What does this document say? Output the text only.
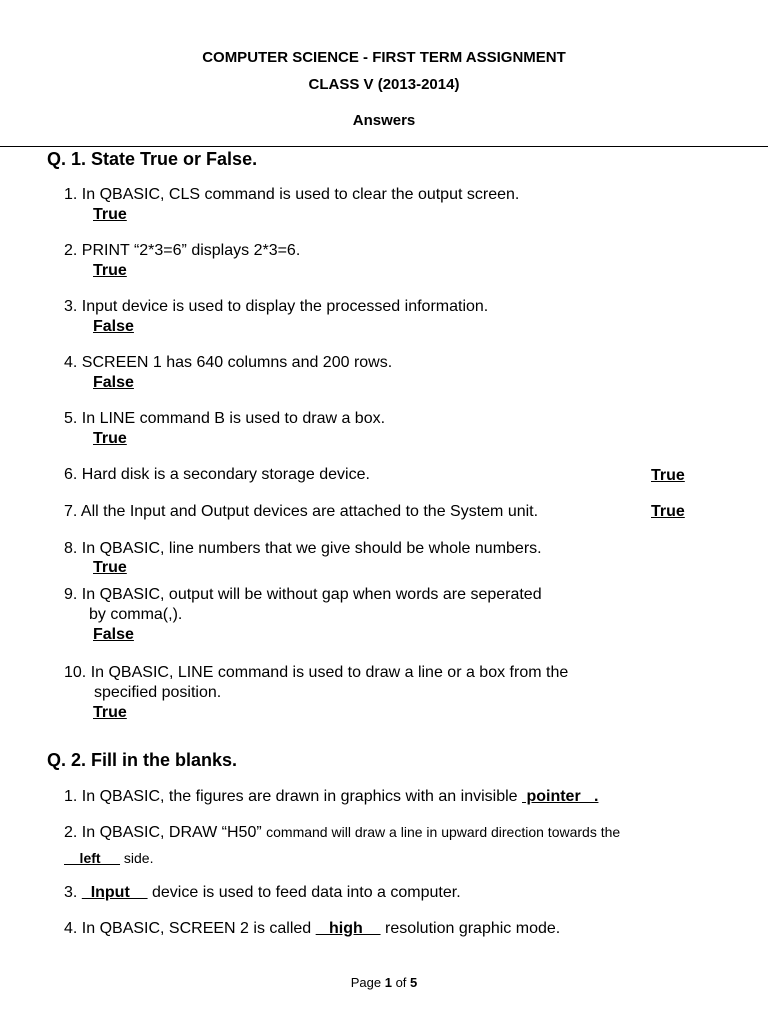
COMPUTER SCIENCE - FIRST TERM ASSIGNMENT
CLASS V (2013-2014)
Answers
Q. 1. State True or False.
1. In QBASIC, CLS command is used to clear the output screen.
True
2. PRINT “2*3=6” displays 2*3=6.
True
3. Input device is used to display the processed information.
False
4. SCREEN 1 has 640 columns and 200 rows.
False
5. In LINE command B is used to draw a box.
True
6. Hard disk is a secondary storage device.	True
7. All the Input and Output devices are attached to the System unit.	True
8. In QBASIC, line numbers that we give should be whole numbers.
True
9. In QBASIC, output will be without gap when words are seperated
by comma(,).
False
10. In QBASIC, LINE command is used to draw a line or a box from the
specified position.
True
Q. 2. Fill in the blanks.
1. In QBASIC, the figures are drawn in graphics with an invisible  pointer   .
2. In QBASIC, DRAW “H50” command will draw a line in upward direction towards the
left      side.
3.   Input     device is used to feed data into a computer.
4. In QBASIC, SCREEN 2 is called    high     resolution graphic mode.
Page 1 of 5
